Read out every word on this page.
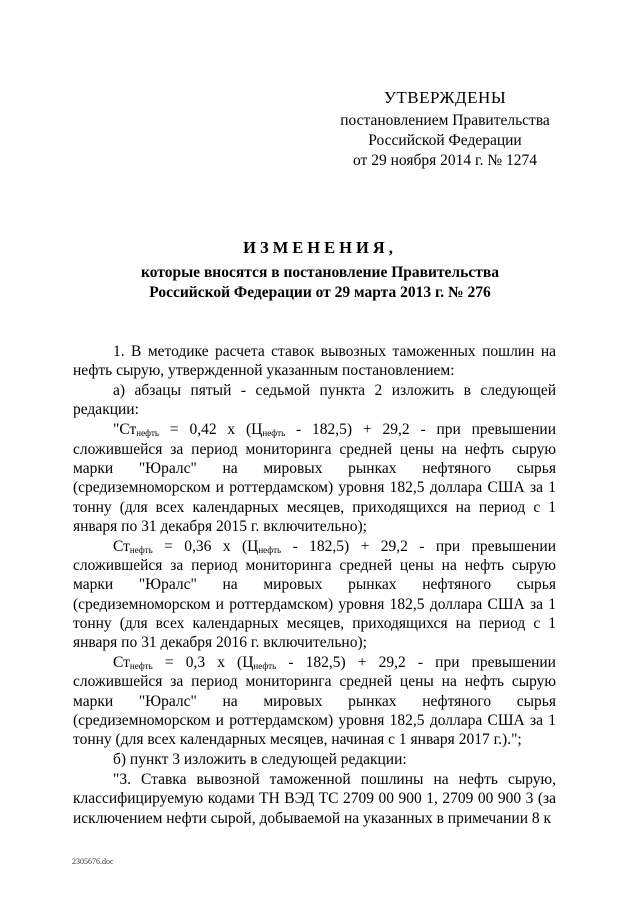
УТВЕРЖДЕНЫ
постановлением Правительства
Российской Федерации
от 29 ноября 2014 г. № 1274
ИЗМЕНЕНИЯ,
которые вносятся в постановление Правительства
Российской Федерации от 29 марта 2013 г. № 276

1. В методике расчета ставок вывозных таможенных пошлин на нефть сырую, утвержденной указанным постановлением:

а) абзацы пятый - седьмой пункта 2 изложить в следующей редакции:

"$Ст_{нефть} = 0,42$ х $(Ц_{нефть} - 182,5) + 29,2$ - при превышении сложившейся за период мониторинга средней цены на нефть сырую марки "Юралс" на мировых рынках нефтяного сырья (средиземноморском и роттердамском) уровня 182,5 доллара США за 1 тонну (для всех календарных месяцев, приходящихся на период с 1 января по 31 декабря 2015 г. включительно);

$Ст_{нефть} = 0,36$ х $(Ц_{нефть} - 182,5) + 29,2$ - при превышении сложившейся за период мониторинга средней цены на нефть сырую марки "Юралс" на мировых рынках нефтяного сырья (средиземноморском и роттердамском) уровня 182,5 доллара США за 1 тонну (для всех календарных месяцев, приходящихся на период с 1 января по 31 декабря 2016 г. включительно);

$Ст_{нефть} = 0,3$ х $(Ц_{нефть} - 182,5) + 29,2$ - при превышении сложившейся за период мониторинга средней цены на нефть сырую марки "Юралс" на мировых рынках нефтяного сырья (средиземноморском и роттердамском) уровня 182,5 доллара США за 1 тонну (для всех календарных месяцев, начиная с 1 января 2017 г.).";

б) пункт 3 изложить в следующей редакции:

"3. Ставка вывозной таможенной пошлины на нефть сырую, классифицируемую кодами ТН ВЭД ТС 2709 00 900 1, 2709 00 900 3 (за исключением нефти сырой, добываемой на указанных в примечании 8 к

2305676.doc
